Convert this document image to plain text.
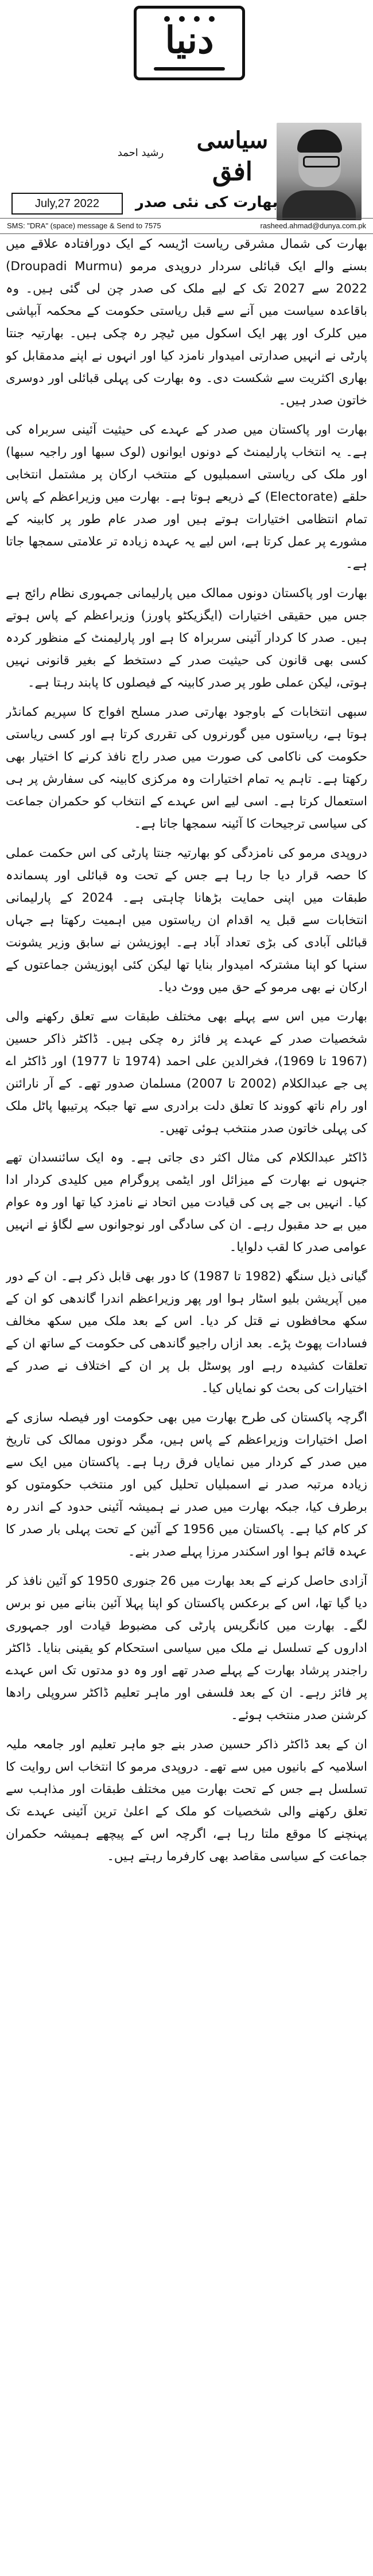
دنیا
سیاسی
افق
رشید احمد
July,27 2022	بھارت کی نئی صدر
SMS: "DRA" (space) message & Send to 7575	rasheed.ahmad@dunya.com.pk

بھارت کی شمال مشرقی ریاست اڑیسہ کے ایک دورافتادہ علاقے میں بسنے والے ایک قبائلی سردار دروپدی مرمو (Droupadi Murmu) 2022 سے 2027 تک کے لیے ملک کی صدر چن لی گئی ہیں۔ وہ باقاعدہ سیاست میں آنے سے قبل ریاستی حکومت کے محکمہ آبپاشی میں کلرک اور پھر ایک اسکول میں ٹیچر رہ چکی ہیں۔ بھارتیہ جنتا پارٹی نے انہیں صدارتی امیدوار نامزد کیا اور انہوں نے اپنے مدمقابل کو بھاری اکثریت سے شکست دی۔ وہ بھارت کی پہلی قبائلی اور دوسری خاتون صدر ہیں۔

بھارت اور پاکستان میں صدر کے عہدے کی حیثیت آئینی سربراہ کی ہے۔ یہ انتخاب پارلیمنٹ کے دونوں ایوانوں (لوک سبھا اور راجیہ سبھا) اور ملک کی ریاستی اسمبلیوں کے منتخب ارکان پر مشتمل انتخابی حلقے (Electorate) کے ذریعے ہوتا ہے۔ بھارت میں وزیراعظم کے پاس تمام انتظامی اختیارات ہوتے ہیں اور صدر عام طور پر کابینہ کے مشورے پر عمل کرتا ہے، اس لیے یہ عہدہ زیادہ تر علامتی سمجھا جاتا ہے۔

بھارت اور پاکستان دونوں ممالک میں پارلیمانی جمہوری نظام رائج ہے جس میں حقیقی اختیارات (ایگزیکٹو پاورز) وزیراعظم کے پاس ہوتے ہیں۔ صدر کا کردار آئینی سربراہ کا ہے اور پارلیمنٹ کے منظور کردہ کسی بھی قانون کی حیثیت صدر کے دستخط کے بغیر قانونی نہیں ہوتی، لیکن عملی طور پر صدر کابینہ کے فیصلوں کا پابند رہتا ہے۔

سبھی انتخابات کے باوجود بھارتی صدر مسلح افواج کا سپریم کمانڈر ہوتا ہے، ریاستوں میں گورنروں کی تقرری کرتا ہے اور کسی ریاستی حکومت کی ناکامی کی صورت میں صدر راج نافذ کرنے کا اختیار بھی رکھتا ہے۔ تاہم یہ تمام اختیارات وہ مرکزی کابینہ کی سفارش پر ہی استعمال کرتا ہے۔ اسی لیے اس عہدے کے انتخاب کو حکمران جماعت کی سیاسی ترجیحات کا آئینہ سمجھا جاتا ہے۔

دروپدی مرمو کی نامزدگی کو بھارتیہ جنتا پارٹی کی اس حکمت عملی کا حصہ قرار دیا جا رہا ہے جس کے تحت وہ قبائلی اور پسماندہ طبقات میں اپنی حمایت بڑھانا چاہتی ہے۔ 2024 کے پارلیمانی انتخابات سے قبل یہ اقدام ان ریاستوں میں اہمیت رکھتا ہے جہاں قبائلی آبادی کی بڑی تعداد آباد ہے۔ اپوزیشن نے سابق وزیر یشونت سنہا کو اپنا مشترکہ امیدوار بنایا تھا لیکن کئی اپوزیشن جماعتوں کے ارکان نے بھی مرمو کے حق میں ووٹ دیا۔

بھارت میں اس سے پہلے بھی مختلف طبقات سے تعلق رکھنے والی شخصیات صدر کے عہدے پر فائز رہ چکی ہیں۔ ڈاکٹر ذاکر حسین (1967 تا 1969)، فخرالدین علی احمد (1974 تا 1977) اور ڈاکٹر اے پی جے عبدالکلام (2002 تا 2007) مسلمان صدور تھے۔ کے آر نارائنن اور رام ناتھ کووند کا تعلق دلت برادری سے تھا جبکہ پرتیبھا پاٹل ملک کی پہلی خاتون صدر منتخب ہوئی تھیں۔

ڈاکٹر عبدالکلام کی مثال اکثر دی جاتی ہے۔ وہ ایک سائنسدان تھے جنہوں نے بھارت کے میزائل اور ایٹمی پروگرام میں کلیدی کردار ادا کیا۔ انہیں بی جے پی کی قیادت میں اتحاد نے نامزد کیا تھا اور وہ عوام میں بے حد مقبول رہے۔ ان کی سادگی اور نوجوانوں سے لگاؤ نے انہیں عوامی صدر کا لقب دلوایا۔

گیانی ذیل سنگھ (1982 تا 1987) کا دور بھی قابل ذکر ہے۔ ان کے دور میں آپریشن بلیو اسٹار ہوا اور پھر وزیراعظم اندرا گاندھی کو ان کے سکھ محافظوں نے قتل کر دیا۔ اس کے بعد ملک میں سکھ مخالف فسادات پھوٹ پڑے۔ بعد ازاں راجیو گاندھی کی حکومت کے ساتھ ان کے تعلقات کشیدہ رہے اور پوسٹل بل پر ان کے اختلاف نے صدر کے اختیارات کی بحث کو نمایاں کیا۔

اگرچہ پاکستان کی طرح بھارت میں بھی حکومت اور فیصلہ سازی کے اصل اختیارات وزیراعظم کے پاس ہیں، مگر دونوں ممالک کی تاریخ میں صدر کے کردار میں نمایاں فرق رہا ہے۔ پاکستان میں ایک سے زیادہ مرتبہ صدر نے اسمبلیاں تحلیل کیں اور منتخب حکومتوں کو برطرف کیا، جبکہ بھارت میں صدر نے ہمیشہ آئینی حدود کے اندر رہ کر کام کیا ہے۔ پاکستان میں 1956 کے آئین کے تحت پہلی بار صدر کا عہدہ قائم ہوا اور اسکندر مرزا پہلے صدر بنے۔

آزادی حاصل کرنے کے بعد بھارت میں 26 جنوری 1950 کو آئین نافذ کر دیا گیا تھا، اس کے برعکس پاکستان کو اپنا پہلا آئین بنانے میں نو برس لگے۔ بھارت میں کانگریس پارٹی کی مضبوط قیادت اور جمہوری اداروں کے تسلسل نے ملک میں سیاسی استحکام کو یقینی بنایا۔ ڈاکٹر راجندر پرشاد بھارت کے پہلے صدر تھے اور وہ دو مدتوں تک اس عہدے پر فائز رہے۔ ان کے بعد فلسفی اور ماہر تعلیم ڈاکٹر سروپلی رادھا کرشنن صدر منتخب ہوئے۔

ان کے بعد ڈاکٹر ذاکر حسین صدر بنے جو ماہر تعلیم اور جامعہ ملیہ اسلامیہ کے بانیوں میں سے تھے۔ دروپدی مرمو کا انتخاب اس روایت کا تسلسل ہے جس کے تحت بھارت میں مختلف طبقات اور مذاہب سے تعلق رکھنے والی شخصیات کو ملک کے اعلیٰ ترین آئینی عہدے تک پہنچنے کا موقع ملتا رہا ہے، اگرچہ اس کے پیچھے ہمیشہ حکمران جماعت کے سیاسی مقاصد بھی کارفرما رہتے ہیں۔
